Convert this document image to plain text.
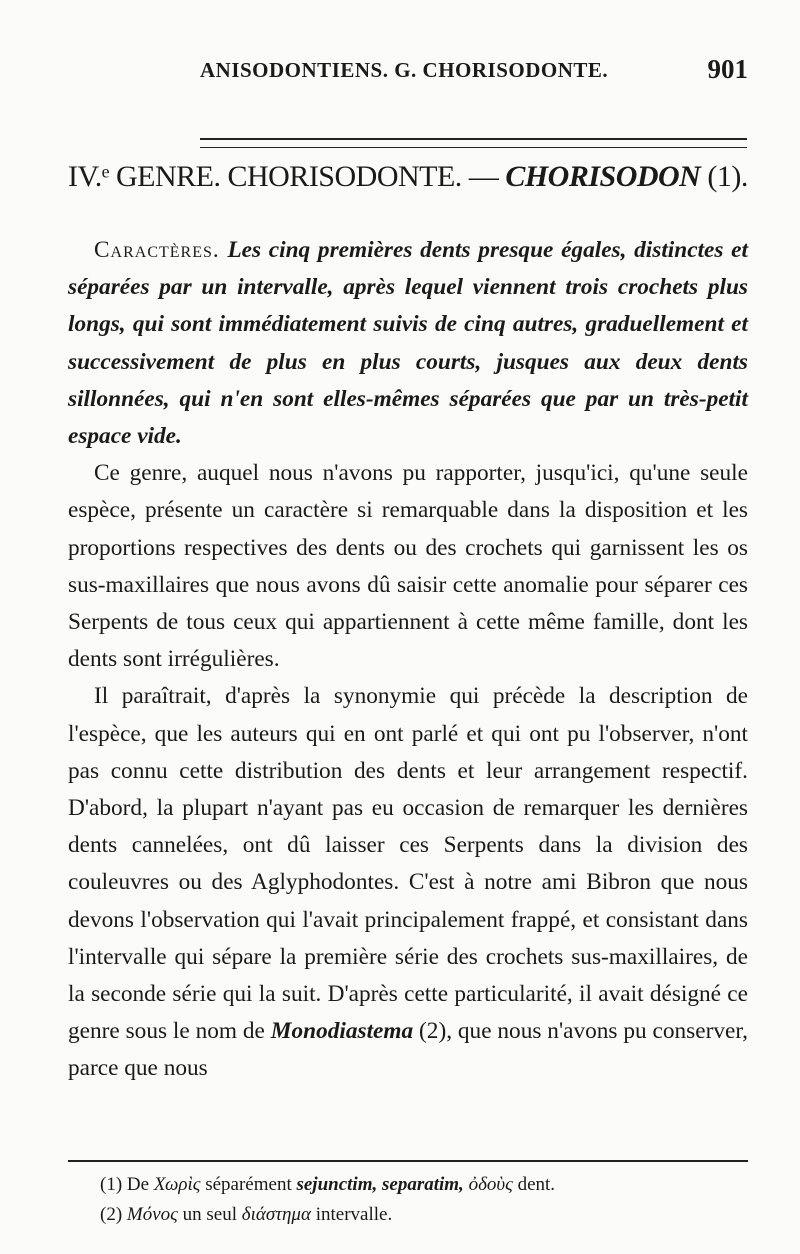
ANISODONTIENS. G. CHORISODONTE.	901
IV.ᵉ GENRE. CHORISODONTE. — CHORISODON (1).

Caractères. Les cinq premières dents presque égales, distinctes et séparées par un intervalle, après lequel viennent trois crochets plus longs, qui sont immédiatement suivis de cinq autres, graduellement et successivement de plus en plus courts, jusques aux deux dents sillonnées, qui n'en sont elles-mêmes séparées que par un très-petit espace vide.

Ce genre, auquel nous n'avons pu rapporter, jusqu'ici, qu'une seule espèce, présente un caractère si remarquable dans la disposition et les proportions respectives des dents ou des crochets qui garnissent les os sus-maxillaires que nous avons dû saisir cette anomalie pour séparer ces Serpents de tous ceux qui appartiennent à cette même famille, dont les dents sont irrégulières.

Il paraîtrait, d'après la synonymie qui précède la description de l'espèce, que les auteurs qui en ont parlé et qui ont pu l'observer, n'ont pas connu cette distribution des dents et leur arrangement respectif. D'abord, la plupart n'ayant pas eu occasion de remarquer les dernières dents cannelées, ont dû laisser ces Serpents dans la division des couleuvres ou des Aglyphodontes. C'est à notre ami Bibron que nous devons l'observation qui l'avait principalement frappé, et consistant dans l'intervalle qui sépare la première série des crochets sus-maxillaires, de la seconde série qui la suit. D'après cette particularité, il avait désigné ce genre sous le nom de Monodiastema (2), que nous n'avons pu conserver, parce que nous

(1) De Χωρὶς séparément sejunctim, separatim, ὀδοὺς dent.
(2) Μόνος un seul διάστημα intervalle.
